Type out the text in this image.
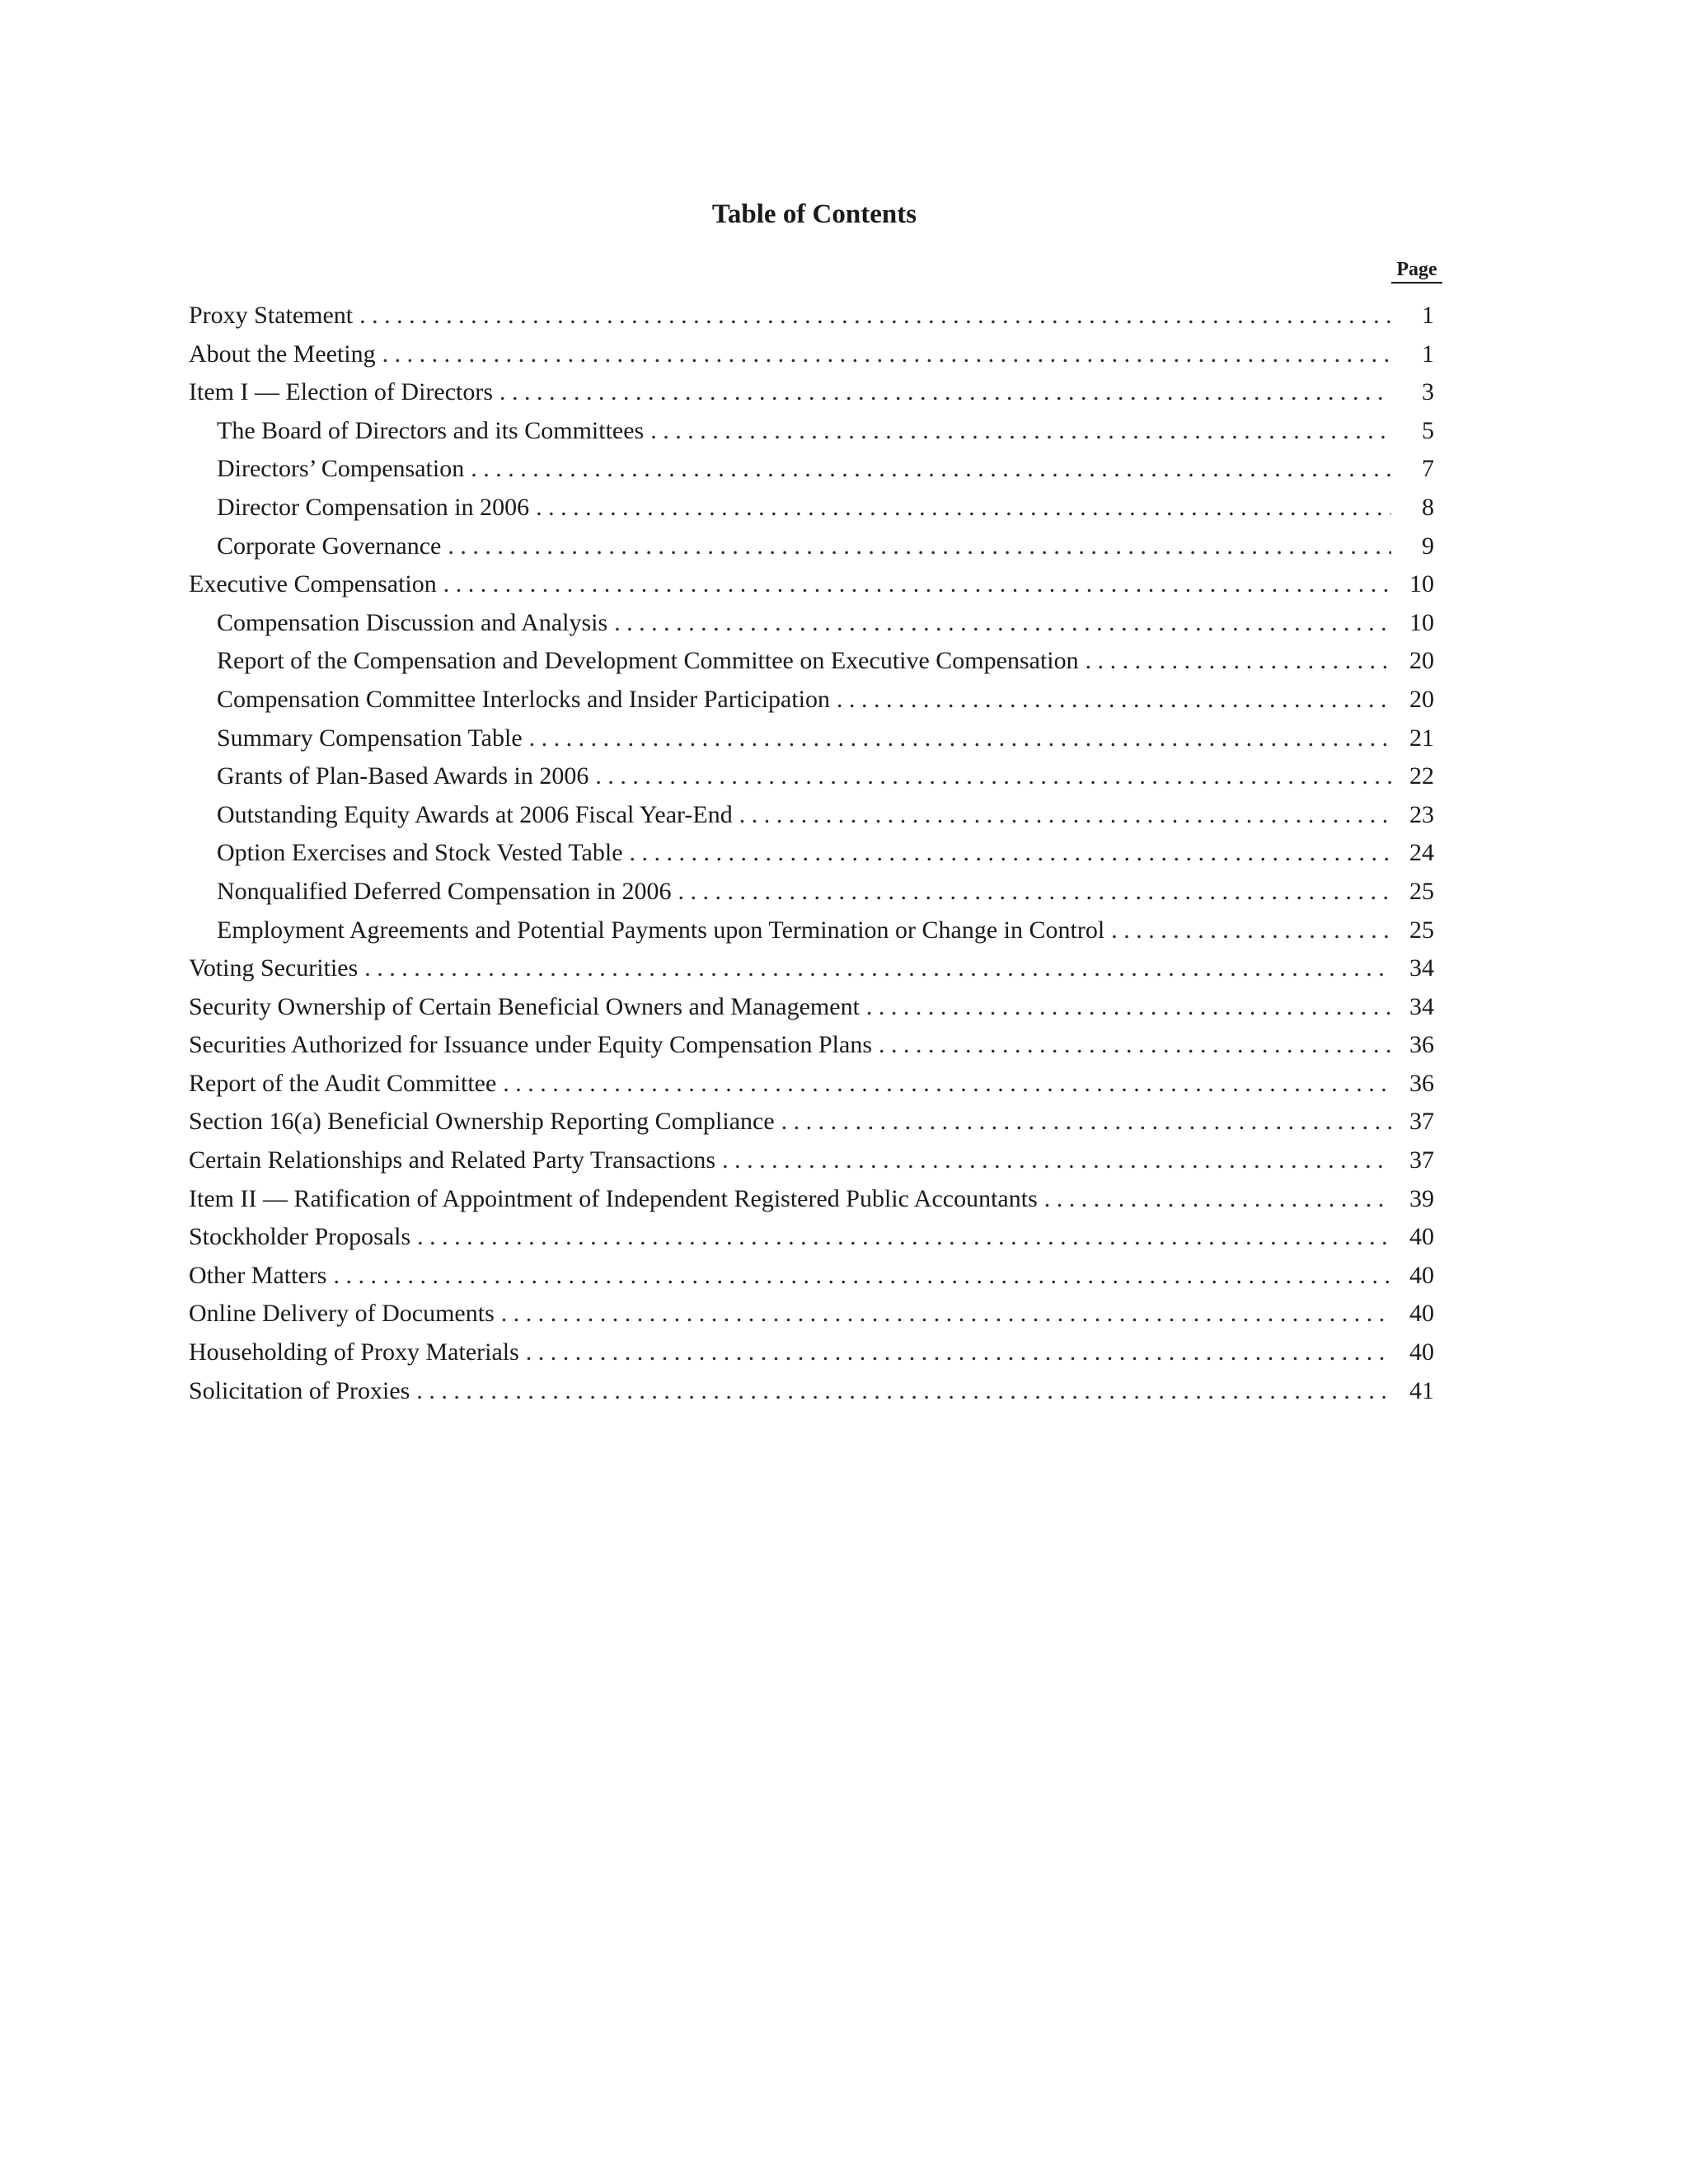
Table of Contents
Page
Proxy Statement . . .	1
About the Meeting . . .	1
Item I — Election of Directors . . .	3
The Board of Directors and its Committees . . .	5
Directors’ Compensation . . .	7
Director Compensation in 2006 . . .	8
Corporate Governance . . .	9
Executive Compensation . . .	10
Compensation Discussion and Analysis . . .	10
Report of the Compensation and Development Committee on Executive Compensation . . .	20
Compensation Committee Interlocks and Insider Participation . . .	20
Summary Compensation Table . . .	21
Grants of Plan-Based Awards in 2006 . . .	22
Outstanding Equity Awards at 2006 Fiscal Year-End . . .	23
Option Exercises and Stock Vested Table . . .	24
Nonqualified Deferred Compensation in 2006 . . .	25
Employment Agreements and Potential Payments upon Termination or Change in Control . . .	25
Voting Securities . . .	34
Security Ownership of Certain Beneficial Owners and Management . . .	34
Securities Authorized for Issuance under Equity Compensation Plans . . .	36
Report of the Audit Committee . . .	36
Section 16(a) Beneficial Ownership Reporting Compliance . . .	37
Certain Relationships and Related Party Transactions . . .	37
Item II — Ratification of Appointment of Independent Registered Public Accountants . . .	39
Stockholder Proposals . . .	40
Other Matters . . .	40
Online Delivery of Documents . . .	40
Householding of Proxy Materials . . .	40
Solicitation of Proxies . . .	41
